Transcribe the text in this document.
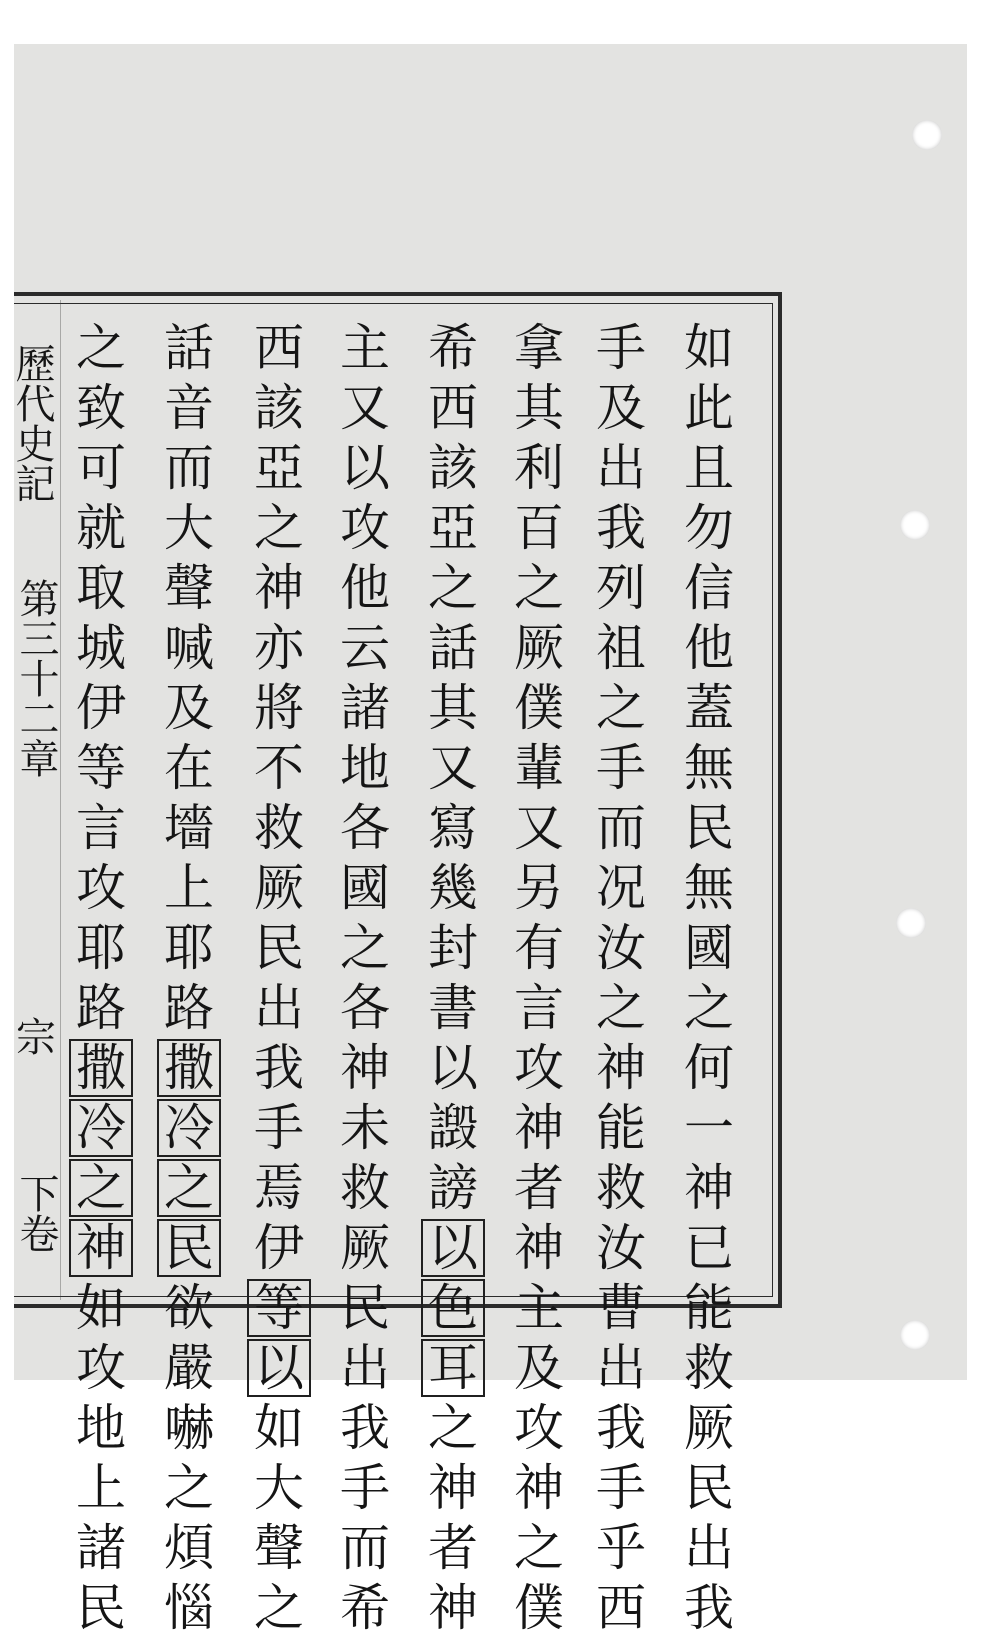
如
此
且
勿
信
他
蓋
無
民
無
國
之
何
一
神
已
能
救
厥
民
出
我
手
及
出
我
列
祖
之
手
而
况
汝
之
神
能
救
汝
曹
出
我
手
乎
西
拿
其
利
百
之
厥
僕
輩
又
另
有
言
攻
神
者
神
主
及
攻
神
之
僕
希
西
該
亞
之
話
其
又
寫
幾
封
書
以
譭
謗
以
色
耳
之
神
者
神
主
又
以
攻
他
云
諸
地
各
國
之
各
神
未
救
厥
民
出
我
手
而
希
西
該
亞
之
神
亦
將
不
救
厥
民
出
我
手
焉
伊
等
以
如
大
聲
之
話
音
而
大
聲
喊
及
在
墻
上
耶
路
撒
冷
之
民
欲
嚴
嚇
之
煩
惱
之
致
可
就
取
城
伊
等
言
攻
耶
路
撒
冷
之
神
如
攻
地
上
諸
民
歷代史記
第三十二章
宗
下卷
